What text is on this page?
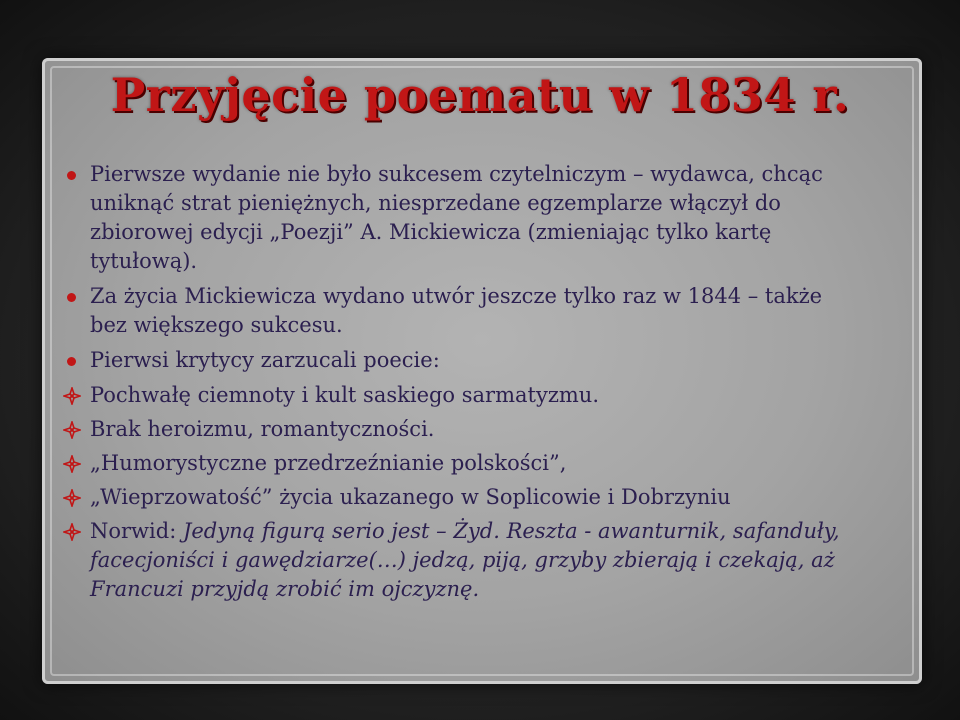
Przyjęcie poematu w 1834 r.

Pierwsze wydanie nie było sukcesem czytelniczym – wydawca, chcąc uniknąć strat pieniężnych, niesprzedane egzemplarze włączył do zbiorowej edycji „Poezji” A. Mickiewicza (zmieniając tylko kartę tytułową).

Za życia Mickiewicza wydano utwór jeszcze tylko raz w 1844 – także bez większego sukcesu.

Pierwsi krytycy zarzucali poecie:

Pochwałę ciemnoty i kult saskiego sarmatyzmu.

Brak heroizmu, romantyczności.

„Humorystyczne przedrzeźnianie polskości”,

„Wieprzowatość” życia ukazanego w Soplicowie i Dobrzyniu

Norwid: Jedyną figurą serio jest – Żyd. Reszta - awanturnik, safanduły, facecjoniści i gawędziarze(…) jedzą, piją, grzyby zbierają i czekają, aż Francuzi przyjdą zrobić im ojczyznę.
